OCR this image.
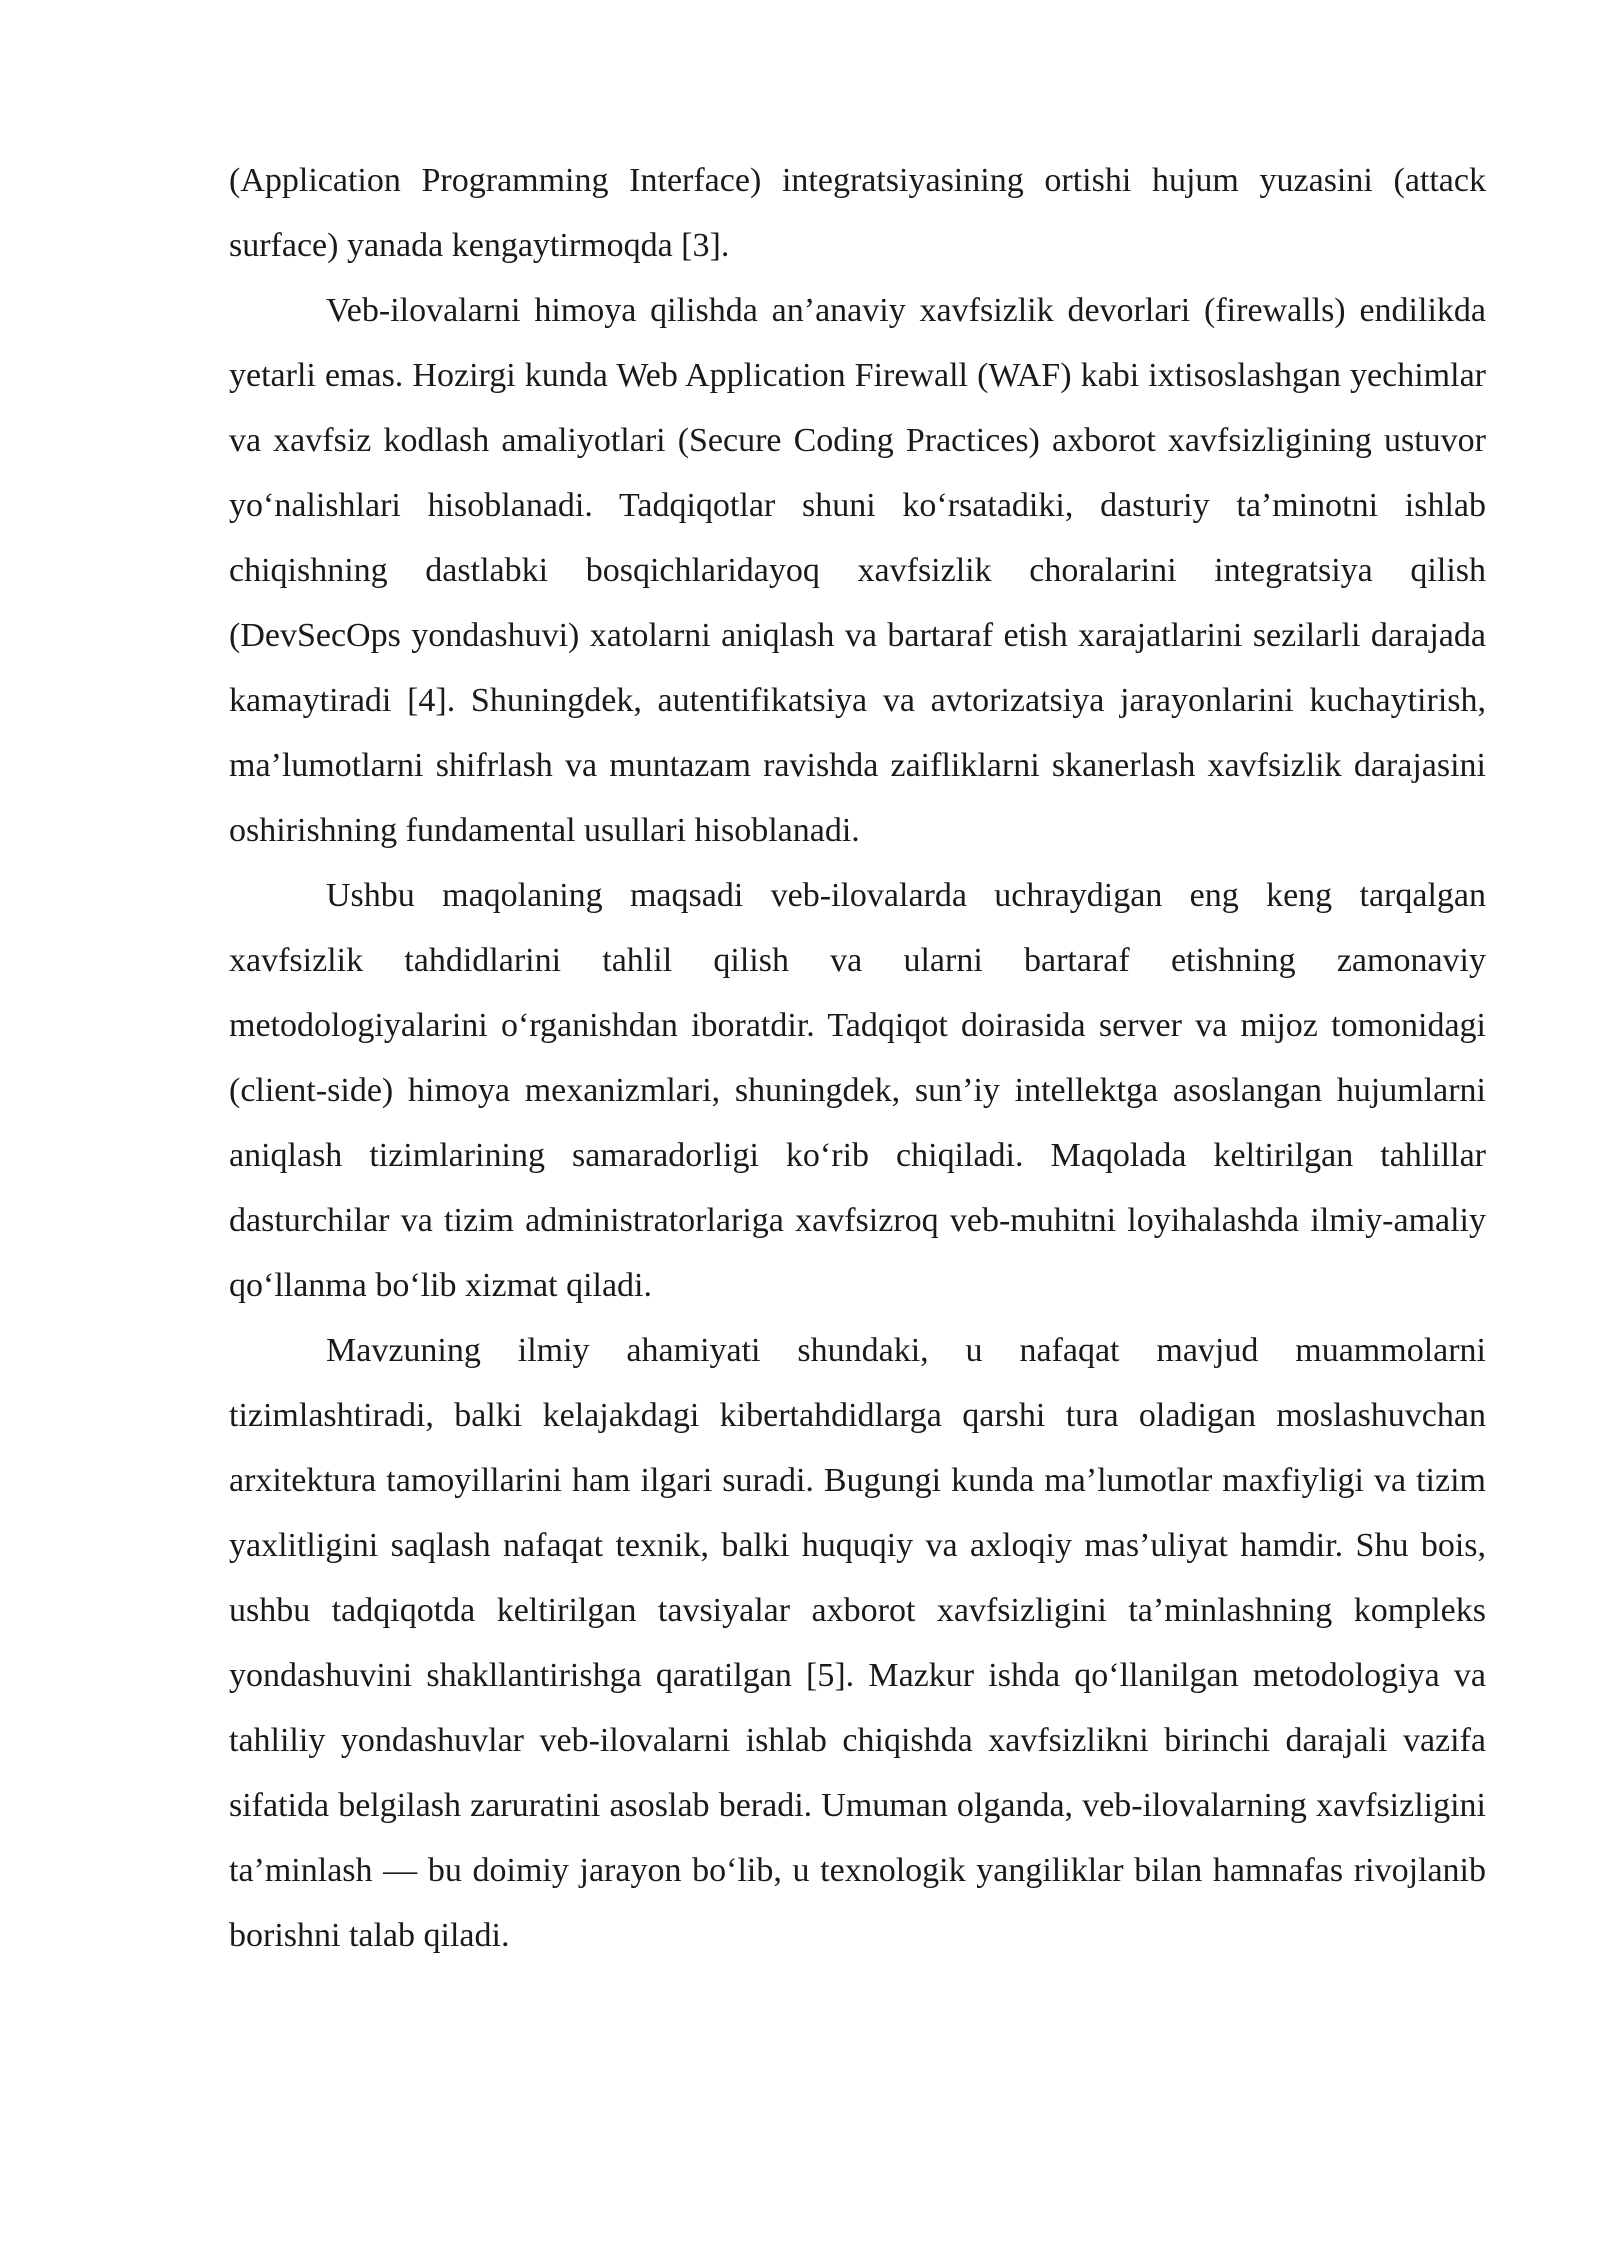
(Application Programming Interface) integratsiyasining ortishi hujum yuzasini (attack surface) yanada kengaytirmoqda [3].

Veb-ilovalarni himoya qilishda an’anaviy xavfsizlik devorlari (firewalls) endilikda yetarli emas. Hozirgi kunda Web Application Firewall (WAF) kabi ixtisoslashgan yechimlar va xavfsiz kodlash amaliyotlari (Secure Coding Practices) axborot xavfsizligining ustuvor yo‘nalishlari hisoblanadi. Tadqiqotlar shuni ko‘rsatadiki, dasturiy ta’minotni ishlab chiqishning dastlabki bosqichlaridayoq xavfsizlik choralarini integratsiya qilish (DevSecOps yondashuvi) xatolarni aniqlash va bartaraf etish xarajatlarini sezilarli darajada kamaytiradi [4]. Shuningdek, autentifikatsiya va avtorizatsiya jarayonlarini kuchaytirish, ma’lumotlarni shifrlash va muntazam ravishda zaifliklarni skanerlash xavfsizlik darajasini oshirishning fundamental usullari hisoblanadi.

Ushbu maqolaning maqsadi veb-ilovalarda uchraydigan eng keng tarqalgan xavfsizlik tahdidlarini tahlil qilish va ularni bartaraf etishning zamonaviy metodologiyalarini o‘rganishdan iboratdir. Tadqiqot doirasida server va mijoz tomonidagi (client-side) himoya mexanizmlari, shuningdek, sun’iy intellektga asoslangan hujumlarni aniqlash tizimlarining samaradorligi ko‘rib chiqiladi. Maqolada keltirilgan tahlillar dasturchilar va tizim administratorlariga xavfsizroq veb-muhitni loyihalashda ilmiy-amaliy qo‘llanma bo‘lib xizmat qiladi.

Mavzuning ilmiy ahamiyati shundaki, u nafaqat mavjud muammolarni tizimlashtiradi, balki kelajakdagi kibertahdidlarga qarshi tura oladigan moslashuvchan arxitektura tamoyillarini ham ilgari suradi. Bugungi kunda ma’lumotlar maxfiyligi va tizim yaxlitligini saqlash nafaqat texnik, balki huquqiy va axloqiy mas’uliyat hamdir. Shu bois, ushbu tadqiqotda keltirilgan tavsiyalar axborot xavfsizligini ta’minlashning kompleks yondashuvini shakllantirishga qaratilgan [5]. Mazkur ishda qo‘llanilgan metodologiya va tahliliy yondashuvlar veb-ilovalarni ishlab chiqishda xavfsizlikni birinchi darajali vazifa sifatida belgilash zaruratini asoslab beradi. Umuman olganda, veb-ilovalarning xavfsizligini ta’minlash — bu doimiy jarayon bo‘lib, u texnologik yangiliklar bilan hamnafas rivojlanib borishni talab qiladi.
